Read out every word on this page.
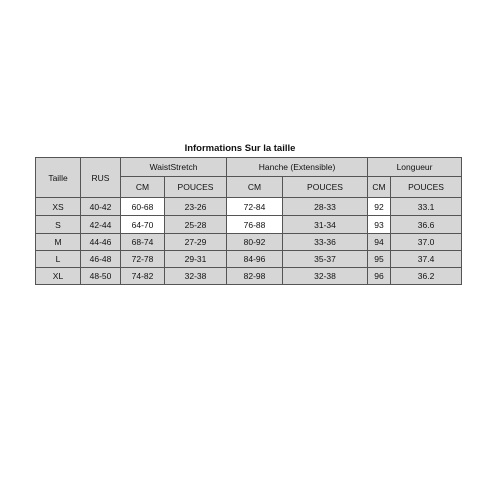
Informations Sur la taille
Taille	RUS	WaistStretch		Hanche (Extensible)		Longueur	
		CM	POUCES	CM	POUCES	CM	POUCES
XS	40-42	60-68	23-26	72-84	28-33	92	33.1
S	42-44	64-70	25-28	76-88	31-34	93	36.6
M	44-46	68-74	27-29	80-92	33-36	94	37.0
L	46-48	72-78	29-31	84-96	35-37	95	37.4
XL	48-50	74-82	32-38	82-98	32-38	96	36.2
